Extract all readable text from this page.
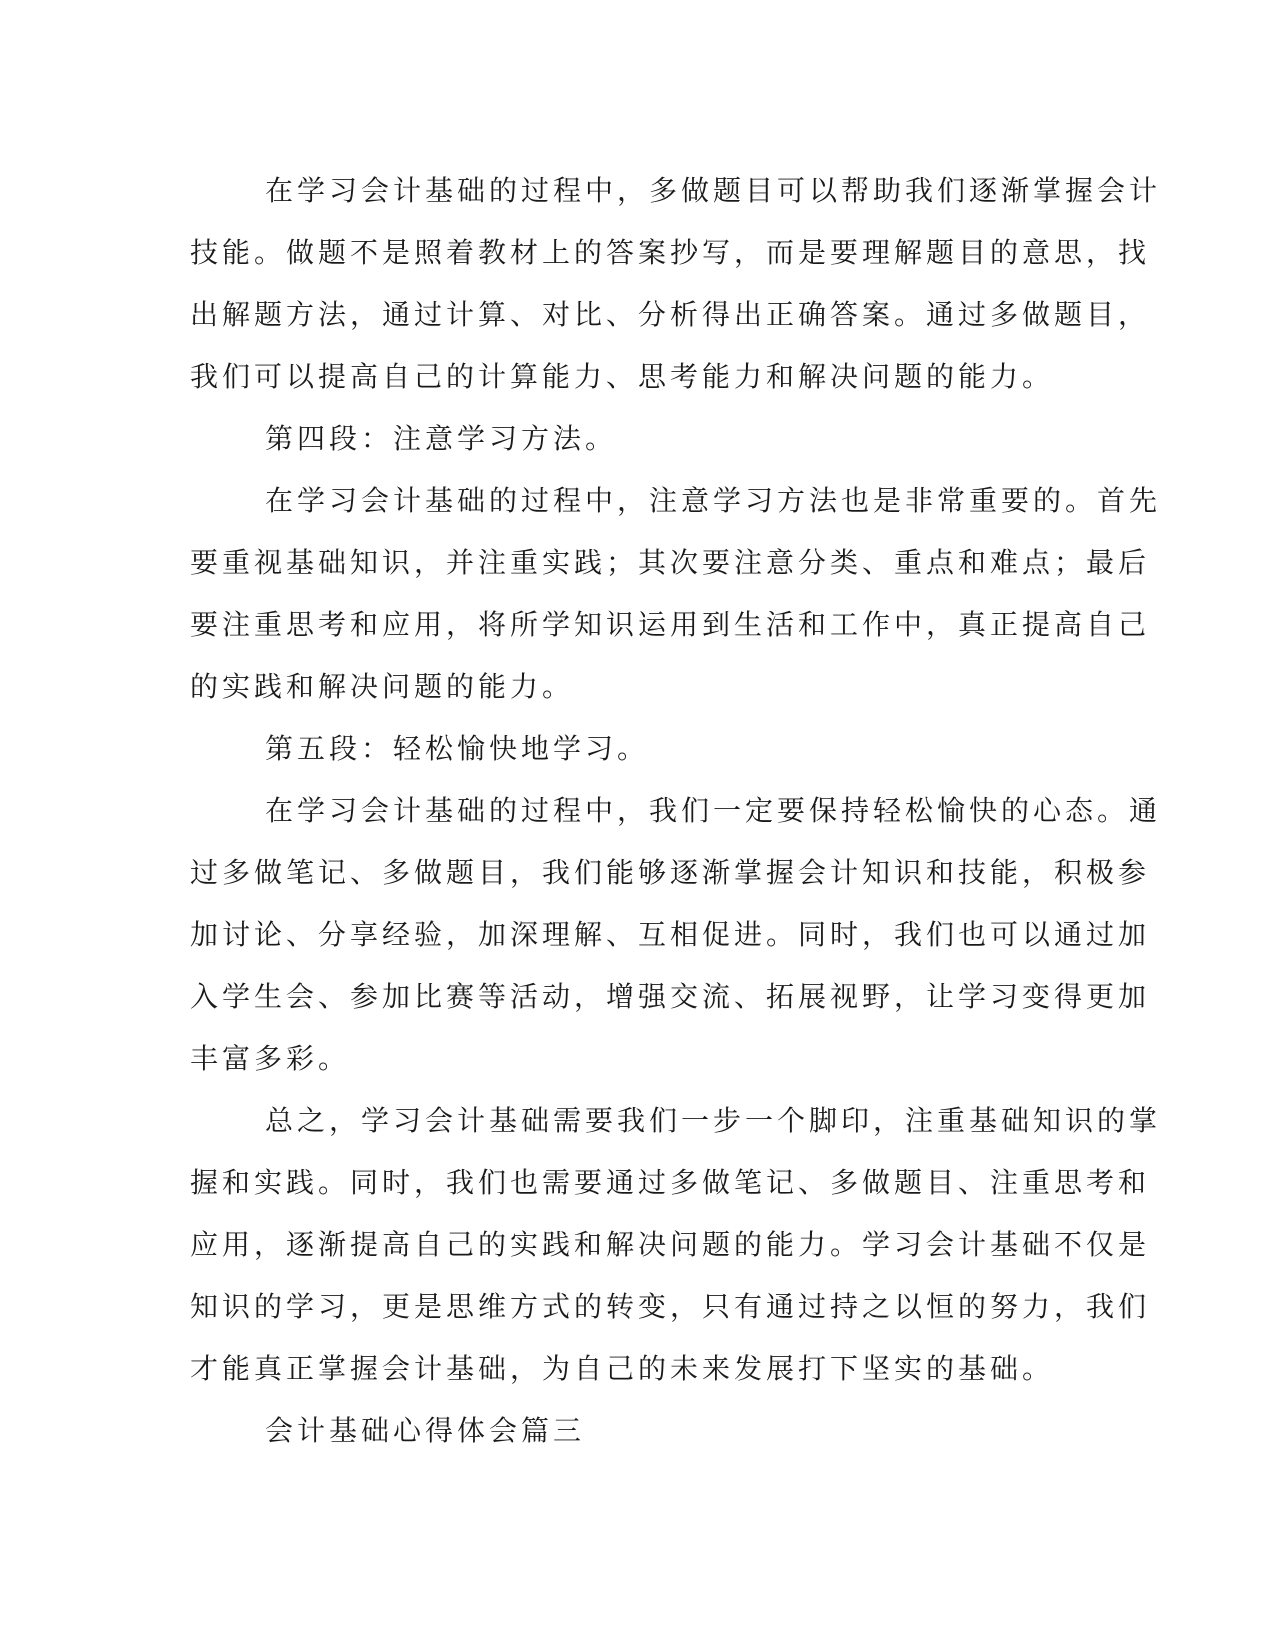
在学习会计基础的过程中，多做题目可以帮助我们逐渐掌握会计
技能。做题不是照着教材上的答案抄写，而是要理解题目的意思，找
出解题方法，通过计算、对比、分析得出正确答案。通过多做题目，
我们可以提高自己的计算能力、思考能力和解决问题的能力。
第四段：注意学习方法。
在学习会计基础的过程中，注意学习方法也是非常重要的。首先
要重视基础知识，并注重实践；其次要注意分类、重点和难点；最后
要注重思考和应用，将所学知识运用到生活和工作中，真正提高自己
的实践和解决问题的能力。
第五段：轻松愉快地学习。
在学习会计基础的过程中，我们一定要保持轻松愉快的心态。通
过多做笔记、多做题目，我们能够逐渐掌握会计知识和技能，积极参
加讨论、分享经验，加深理解、互相促进。同时，我们也可以通过加
入学生会、参加比赛等活动，增强交流、拓展视野，让学习变得更加
丰富多彩。
总之，学习会计基础需要我们一步一个脚印，注重基础知识的掌
握和实践。同时，我们也需要通过多做笔记、多做题目、注重思考和
应用，逐渐提高自己的实践和解决问题的能力。学习会计基础不仅是
知识的学习，更是思维方式的转变，只有通过持之以恒的努力，我们
才能真正掌握会计基础，为自己的未来发展打下坚实的基础。
会计基础心得体会篇三
